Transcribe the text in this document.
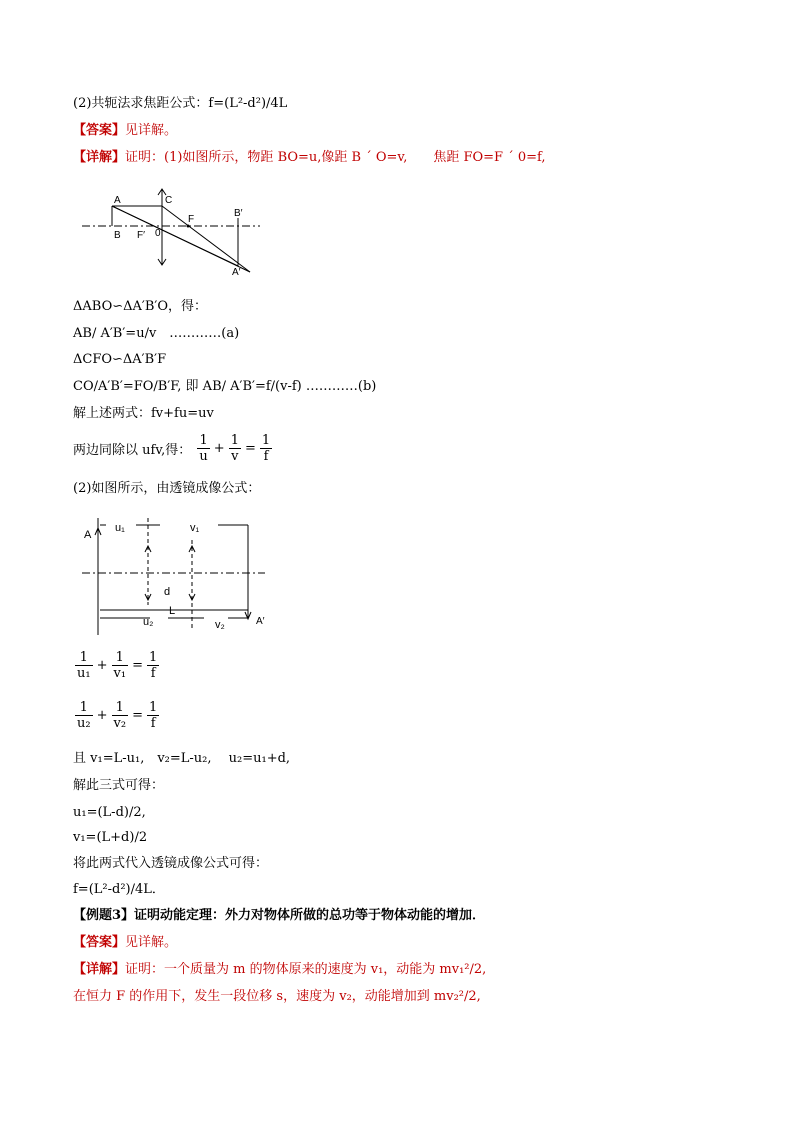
(2)共轭法求焦距公式：f=(L²-d²)/4L
【答案】见详解。
【详解】证明：(1)如图所示，物距 BO=u,像距 B ´ O=v,　　焦距 FO=F ´ 0=f,
A
B
C
F
F′ 0
B′
A′
ΔABO∽ΔA′B′O，得：
AB/ A′B′=u/v　…………(a)
ΔCFO∽ΔA′B′F
CO/A′B′=FO/B′F, 即 AB/ A′B′=f/(v-f) …………(b)
解上述两式：fv+fu=uv
两边同除以 ufv,得： $\frac{1}{u} + \frac{1}{v} = \frac{1}{f}$
(2)如图所示，由透镜成像公式：
A
u₁	v₁
d
L
u₂	v₂	A′
$\frac{1}{\text{u₁}} + \frac{1}{\text{v₁}} = \frac{1}{f}$
$\frac{1}{\text{u₂}} + \frac{1}{\text{v₂}} = \frac{1}{f}$
且 v₁=L-u₁,　v₂=L-u₂,　 u₂=u₁+d,
解此三式可得：
u₁=(L-d)/2,
v₁=(L+d)/2
将此两式代入透镜成像公式可得：
f=(L²-d²)/4L．
【例题3】证明动能定理：外力对物体所做的总功等于物体动能的增加．
【答案】见详解。
【详解】证明：一个质量为 m 的物体原来的速度为 v₁，动能为 mv₁²/2,
在恒力 F 的作用下，发生一段位移 s，速度为 v₂，动能增加到 mv₂²/2,
